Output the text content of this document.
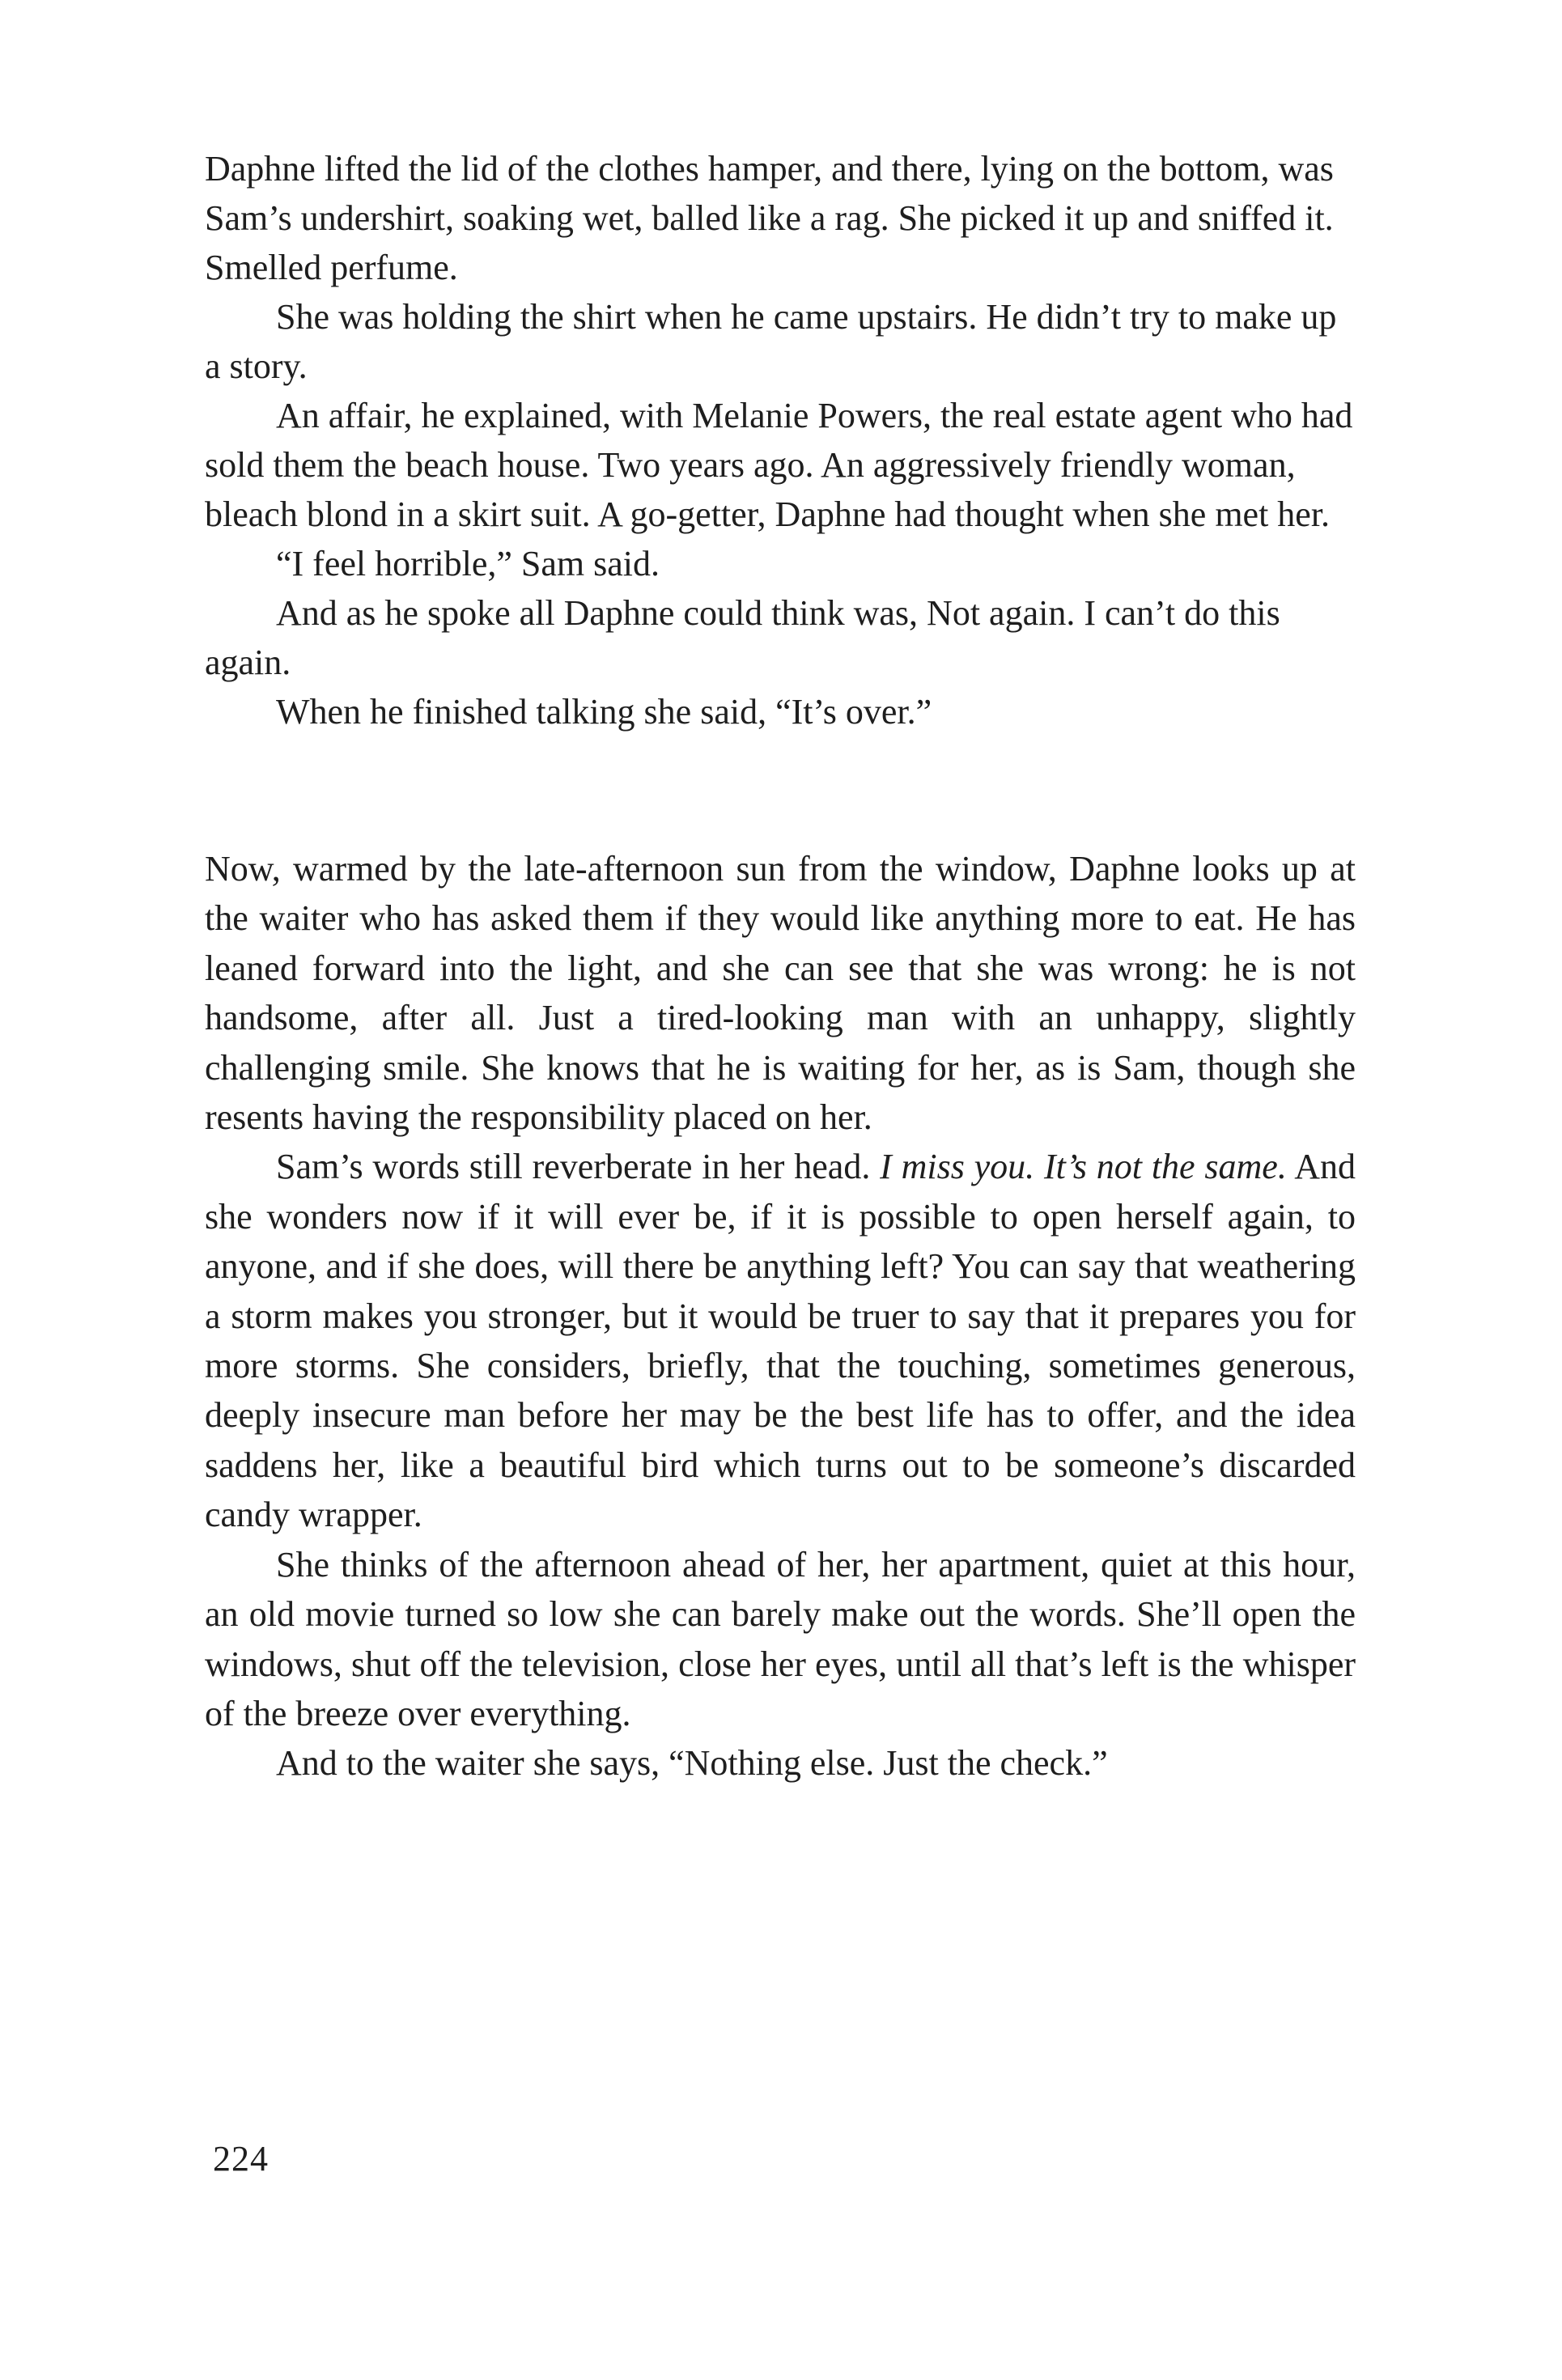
Daphne lifted the lid of the clothes hamper, and there, lying on the bottom, was Sam’s undershirt, soaking wet, balled like a rag. She picked it up and sniffed it. Smelled perfume.

She was holding the shirt when he came upstairs. He didn’t try to make up a story.

An affair, he explained, with Melanie Powers, the real estate agent who had sold them the beach house. Two years ago. An aggressively friendly woman, bleach blond in a skirt suit. A go-getter, Daphne had thought when she met her.

“I feel horrible,” Sam said.

And as he spoke all Daphne could think was, Not again. I can’t do this again.

When he finished talking she said, “It’s over.”

Now, warmed by the late-afternoon sun from the window, Daphne looks up at the waiter who has asked them if they would like anything more to eat. He has leaned forward into the light, and she can see that she was wrong: he is not handsome, after all. Just a tired-looking man with an unhappy, slightly challenging smile. She knows that he is waiting for her, as is Sam, though she resents having the responsibility placed on her.

Sam’s words still reverberate in her head. I miss you. It’s not the same. And she wonders now if it will ever be, if it is possible to open herself again, to anyone, and if she does, will there be anything left? You can say that weathering a storm makes you stronger, but it would be truer to say that it prepares you for more storms. She considers, briefly, that the touching, sometimes generous, deeply insecure man before her may be the best life has to offer, and the idea saddens her, like a beautiful bird which turns out to be someone’s discarded candy wrapper.

She thinks of the afternoon ahead of her, her apartment, quiet at this hour, an old movie turned so low she can barely make out the words. She’ll open the windows, shut off the television, close her eyes, until all that’s left is the whisper of the breeze over everything.

And to the waiter she says, “Nothing else. Just the check.”

224
